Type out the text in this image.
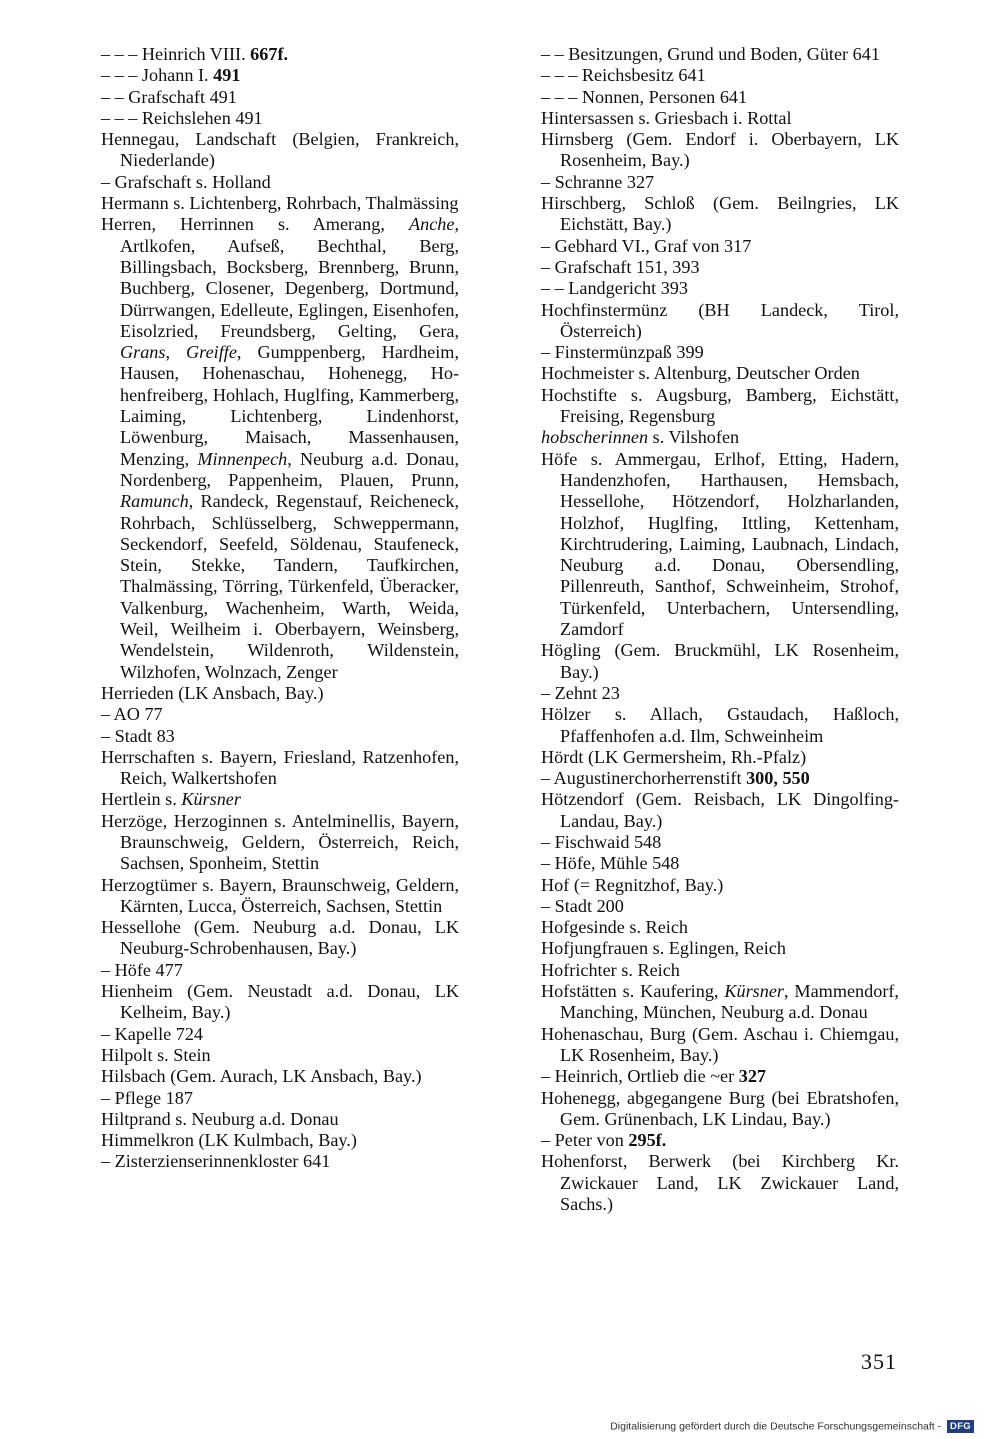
– – – Heinrich VIII. 667f.

– – – Johann I. 491

– – Grafschaft 491

– – – Reichslehen 491

Hennegau, Landschaft (Belgien, Frankreich, Niederlande)

– Grafschaft s. Holland

Hermann s. Lichtenberg, Rohrbach, Thalmässing

Herren, Herrinnen s. Amerang, Anche, Artlkofen, Aufseß, Bechthal, Berg, Billingsbach, Bocksberg, Brennberg, Brunn, Buchberg, Closener, Degenberg, Dortmund, Dürrwangen, Edelleute, Eglingen, Eisenhofen, Eisolzried, Freundsberg, Gelting, Gera, Grans, Greiffe, Gumppenberg, Hardheim, Hausen, Hohenaschau, Hohenegg, Hohenfreiberg, Hohlach, Huglfing, Kammerberg, Laiming, Lichtenberg, Lindenhorst, Löwenburg, Maisach, Massenhausen, Menzing, Minnenpech, Neuburg a.d. Donau, Nordenberg, Pappenheim, Plauen, Prunn, Ramunch, Randeck, Regenstauf, Reicheneck, Rohrbach, Schlüsselberg, Schweppermann, Seckendorf, Seefeld, Söldenau, Staufeneck, Stein, Stekke, Tandern, Taufkirchen, Thalmässing, Törring, Türkenfeld, Überacker, Valkenburg, Wachenheim, Warth, Weida, Weil, Weilheim i. Oberbayern, Weinsberg, Wendelstein, Wildenroth, Wildenstein, Wilzhofen, Wolnzach, Zenger

Herrieden (LK Ansbach, Bay.)

– AO 77

– Stadt 83

Herrschaften s. Bayern, Friesland, Ratzenhofen, Reich, Walkertshofen

Hertlein s. Kürsner

Herzöge, Herzoginnen s. Antelminellis, Bayern, Braunschweig, Geldern, Österreich, Reich, Sachsen, Sponheim, Stettin

Herzogtümer s. Bayern, Braunschweig, Geldern, Kärnten, Lucca, Österreich, Sachsen, Stettin

Hessellohe (Gem. Neuburg a.d. Donau, LK Neuburg-Schrobenhausen, Bay.)

– Höfe 477

Hienheim (Gem. Neustadt a.d. Donau, LK Kelheim, Bay.)

– Kapelle 724

Hilpolt s. Stein

Hilsbach (Gem. Aurach, LK Ansbach, Bay.)

– Pflege 187

Hiltprand s. Neuburg a.d. Donau

Himmelkron (LK Kulmbach, Bay.)

– Zisterzienserinnenkloster 641

– – Besitzungen, Grund und Boden, Güter 641

– – – Reichsbesitz 641

– – – Nonnen, Personen 641

Hintersassen s. Griesbach i. Rottal

Hirnsberg (Gem. Endorf i. Oberbayern, LK Rosenheim, Bay.)

– Schranne 327

Hirschberg, Schloß (Gem. Beilngries, LK Eichstätt, Bay.)

– Gebhard VI., Graf von 317

– Grafschaft 151, 393

– – Landgericht 393

Hochfinstermünz (BH Landeck, Tirol, Österreich)

– Finstermünzpaß 399

Hochmeister s. Altenburg, Deutscher Orden

Hochstifte s. Augsburg, Bamberg, Eichstätt, Freising, Regensburg

hobscherinnen s. Vilshofen

Höfe s. Ammergau, Erlhof, Etting, Hadern, Handenzhofen, Harthausen, Hemsbach, Hessellohe, Hötzendorf, Holzharlanden, Holzhof, Huglfing, Ittling, Kettenham, Kirchtrudering, Laiming, Laubnach, Lindach, Neuburg a.d. Donau, Obersendling, Pillenreuth, Santhof, Schweinheim, Strohof, Türkenfeld, Unterbachern, Untersendling, Zamdorf

Högling (Gem. Bruckmühl, LK Rosenheim, Bay.)

– Zehnt 23

Hölzer s. Allach, Gstaudach, Haßloch, Pfaffenhofen a.d. Ilm, Schweinheim

Hördt (LK Germersheim, Rh.-Pfalz)

– Augustinerchorherrenstift 300, 550

Hötzendorf (Gem. Reisbach, LK Dingolfing-Landau, Bay.)

– Fischwaid 548

– Höfe, Mühle 548

Hof (= Regnitzhof, Bay.)

– Stadt 200

Hofgesinde s. Reich

Hofjungfrauen s. Eglingen, Reich

Hofrichter s. Reich

Hofstätten s. Kaufering, Kürsner, Mammendorf, Manching, München, Neuburg a.d. Donau

Hohenaschau, Burg (Gem. Aschau i. Chiemgau, LK Rosenheim, Bay.)

– Heinrich, Ortlieb die ~er 327

Hohenegg, abgegangene Burg (bei Ebratshofen, Gem. Grünenbach, LK Lindau, Bay.)

– Peter von 295f.

Hohenforst, Berwerk (bei Kirchberg Kr. Zwickauer Land, LK Zwickauer Land, Sachs.)

351
Digitalisierung gefördert durch die Deutsche Forschungsgemeinschaft - DFG
